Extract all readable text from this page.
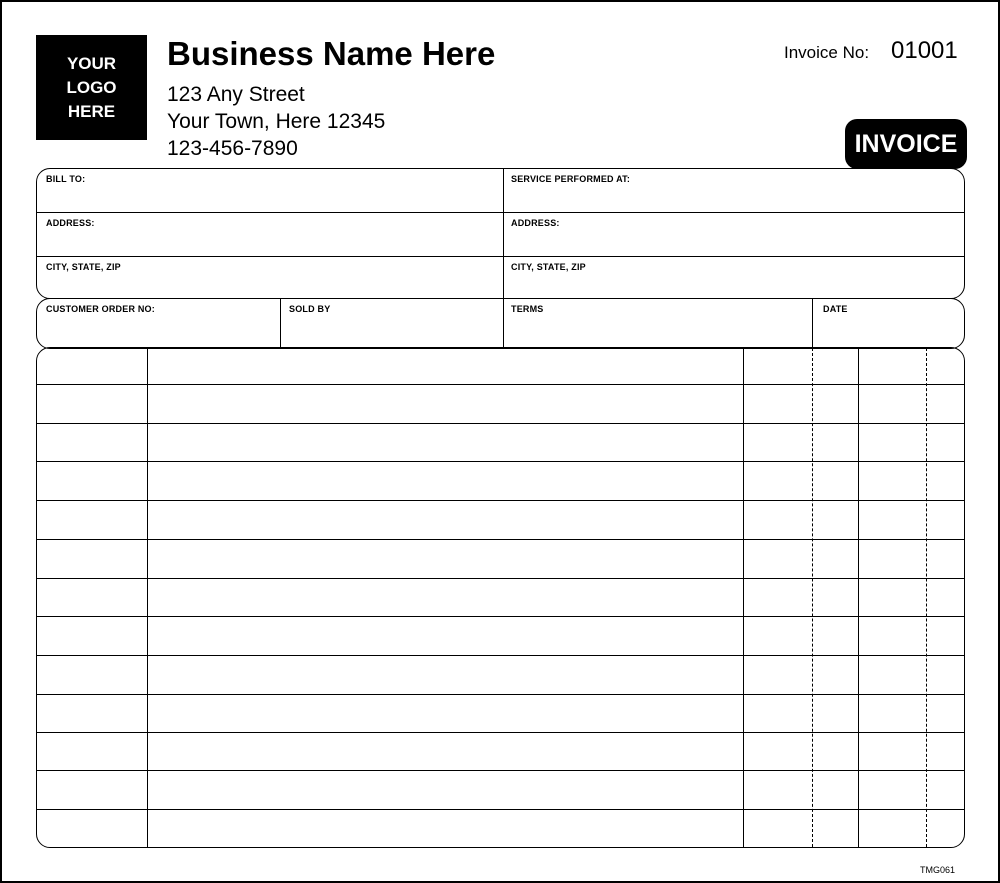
YOUR
LOGO
HERE
Business Name Here
123 Any Street
Your Town, Here 12345
123-456-7890
Invoice No: 01001
INVOICE
BILL TO:	SERVICE PERFORMED AT:
ADDRESS:	ADDRESS:
CITY, STATE, ZIP	CITY, STATE, ZIP
CUSTOMER ORDER NO:	SOLD BY	TERMS	DATE
TMG061
